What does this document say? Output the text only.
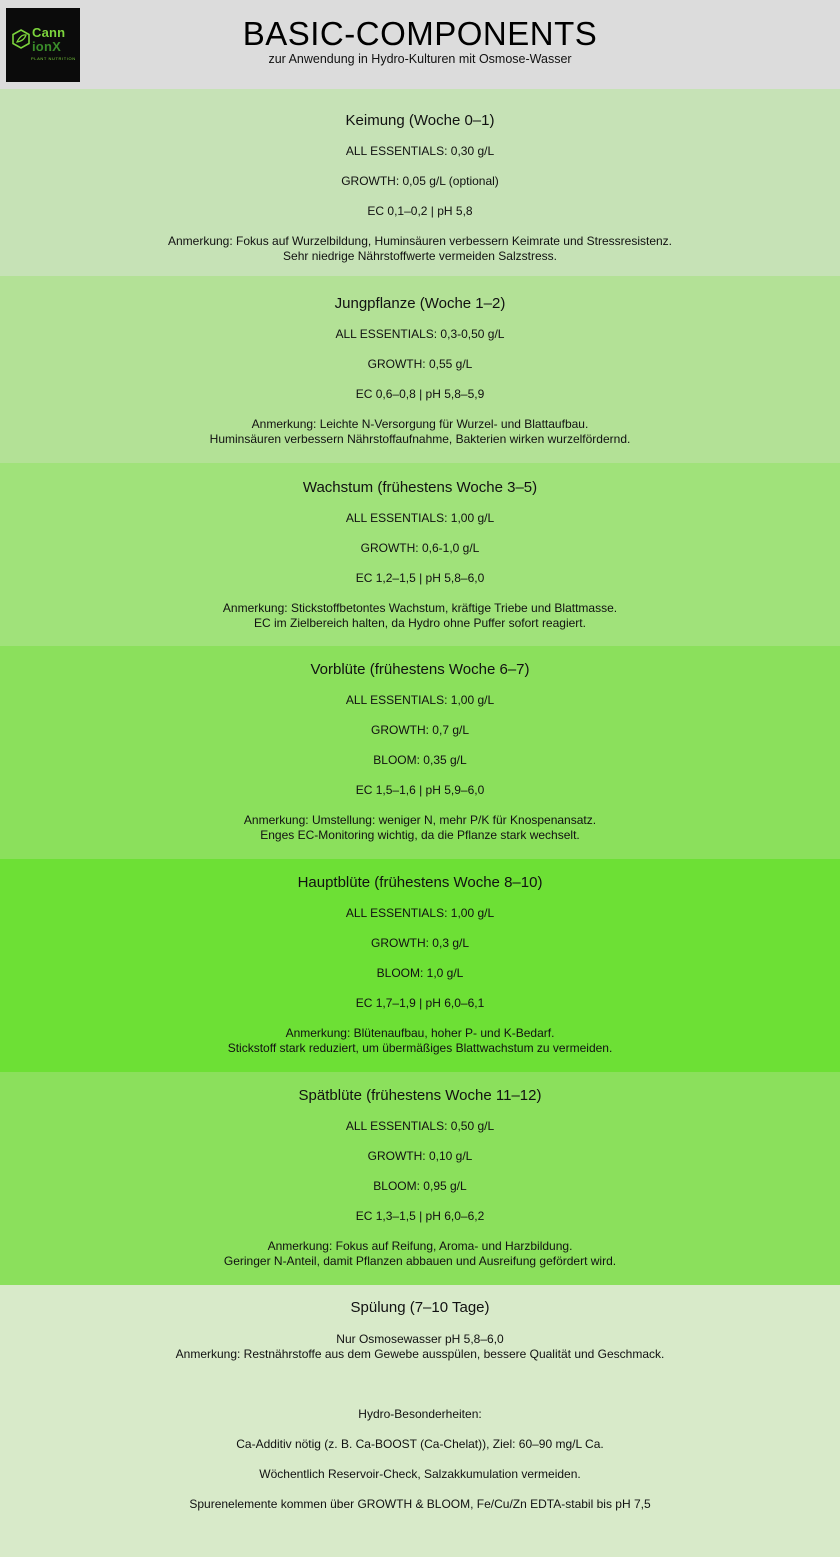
Cann
ionX
PLANT NUTRITION
BASIC-COMPONENTS
zur Anwendung in Hydro-Kulturen mit Osmose-Wasser
Keimung (Woche 0–1)
ALL ESSENTIALS: 0,30 g/L
GROWTH: 0,05 g/L (optional)
EC 0,1–0,2 | pH 5,8
Anmerkung: Fokus auf Wurzelbildung, Huminsäuren verbessern Keimrate und Stressresistenz.
Sehr niedrige Nährstoffwerte vermeiden Salzstress.
Jungpflanze (Woche 1–2)
ALL ESSENTIALS: 0,3-0,50 g/L
GROWTH: 0,55 g/L
EC 0,6–0,8 | pH 5,8–5,9
Anmerkung: Leichte N-Versorgung für Wurzel- und Blattaufbau.
Huminsäuren verbessern Nährstoffaufnahme, Bakterien wirken wurzelfördernd.
Wachstum (frühestens Woche 3–5)
ALL ESSENTIALS: 1,00 g/L
GROWTH: 0,6-1,0 g/L
EC 1,2–1,5 | pH 5,8–6,0
Anmerkung: Stickstoffbetontes Wachstum, kräftige Triebe und Blattmasse.
EC im Zielbereich halten, da Hydro ohne Puffer sofort reagiert.
Vorblüte (frühestens Woche 6–7)
ALL ESSENTIALS: 1,00 g/L
GROWTH: 0,7 g/L
BLOOM: 0,35 g/L
EC 1,5–1,6 | pH 5,9–6,0
Anmerkung: Umstellung: weniger N, mehr P/K für Knospenansatz.
Enges EC-Monitoring wichtig, da die Pflanze stark wechselt.
Hauptblüte (frühestens Woche 8–10)
ALL ESSENTIALS: 1,00 g/L
GROWTH: 0,3 g/L
BLOOM: 1,0 g/L
EC 1,7–1,9 | pH 6,0–6,1
Anmerkung: Blütenaufbau, hoher P- und K-Bedarf.
Stickstoff stark reduziert, um übermäßiges Blattwachstum zu vermeiden.
Spätblüte (frühestens Woche 11–12)
ALL ESSENTIALS: 0,50 g/L
GROWTH: 0,10 g/L
BLOOM: 0,95 g/L
EC 1,3–1,5 | pH 6,0–6,2
Anmerkung: Fokus auf Reifung, Aroma- und Harzbildung.
Geringer N-Anteil, damit Pflanzen abbauen und Ausreifung gefördert wird.
Spülung (7–10 Tage)
Nur Osmosewasser pH 5,8–6,0
Anmerkung: Restnährstoffe aus dem Gewebe ausspülen, bessere Qualität und Geschmack.
Hydro-Besonderheiten:
Ca-Additiv nötig (z. B. Ca-BOOST (Ca-Chelat)), Ziel: 60–90 mg/L Ca.
Wöchentlich Reservoir-Check, Salzakkumulation vermeiden.
Spurenelemente kommen über GROWTH & BLOOM, Fe/Cu/Zn EDTA-stabil bis pH 7,5
